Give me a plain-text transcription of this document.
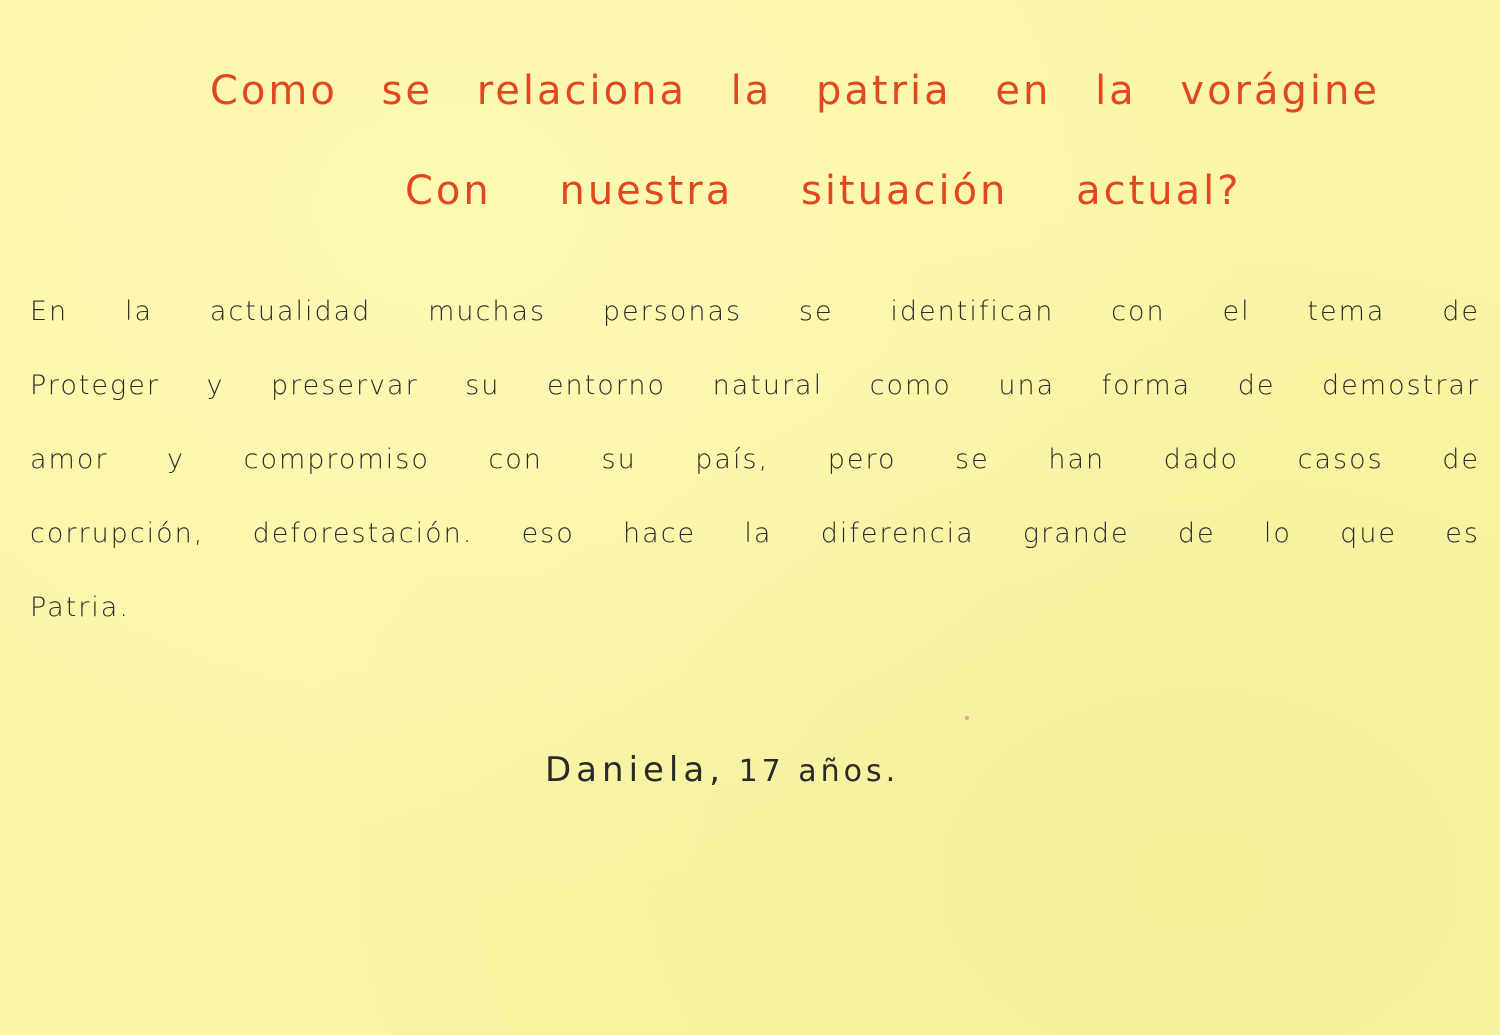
Como se relaciona la patria en la vorágine
Con nuestra situación actual?

En la actualidad muchas personas se identifican con el tema de Proteger y preservar su entorno natural como una forma de demostrar amor y compromiso con su país, pero se han dado casos de corrupción, deforestación. eso hace la diferencia grande de lo que es Patria.

Daniela, 17 años.
